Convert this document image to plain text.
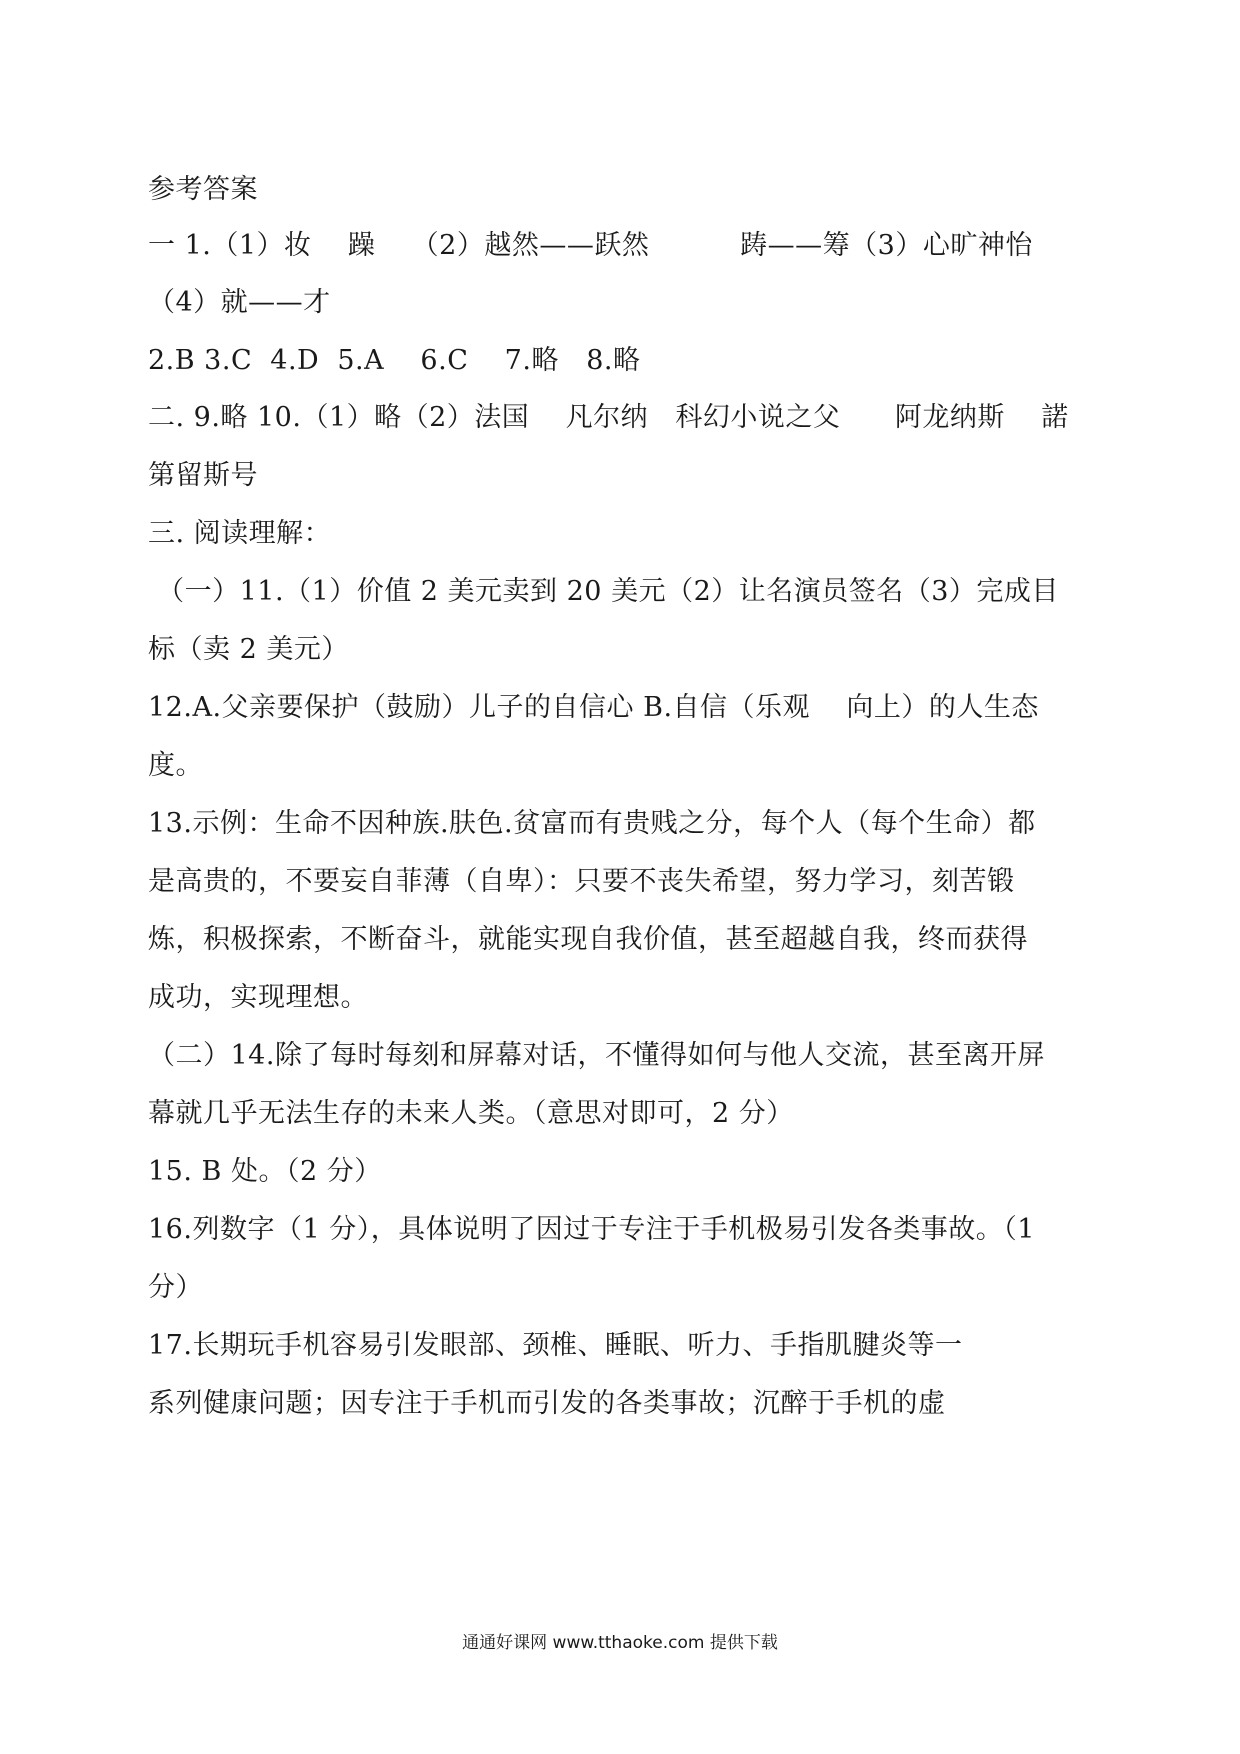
参考答案
一 1.（1）妆    躁    （2）越然——跃然          踌——筹（3）心旷神怡
（4）就——才
2.B 3.C  4.D  5.A    6.C    7.略   8.略
二. 9.略 10.（1）略（2）法国    凡尔纳   科幻小说之父      阿龙纳斯    諾
第留斯号
三. 阅读理解：
（一）11.（1）价值 2 美元卖到 20 美元（2）让名演员签名（3）完成目
标（卖 2 美元）
12.A.父亲要保护（鼓励）儿子的自信心 B.自信（乐观    向上）的人生态
度。
13.示例：生命不因种族.肤色.贫富而有贵贱之分，每个人（每个生命）都
是高贵的，不要妄自菲薄（自卑）：只要不丧失希望，努力学习，刻苦锻
炼，积极探索，不断奋斗，就能实现自我价值，甚至超越自我，终而获得
成功，实现理想。
（二）14.除了每时每刻和屏幕对话，不懂得如何与他人交流，甚至离开屏
幕就几乎无法生存的未来人类。（意思对即可，2 分）
15. B 处。（2 分）
16.列数字（1 分），具体说明了因过于专注于手机极易引发各类事故。（1
分）
17.长期玩手机容易引发眼部、颈椎、睡眠、听力、手指肌腱炎等一
系列健康问题；因专注于手机而引发的各类事故；沉醉于手机的虚
通通好课网 www.tthaoke.com 提供下载
